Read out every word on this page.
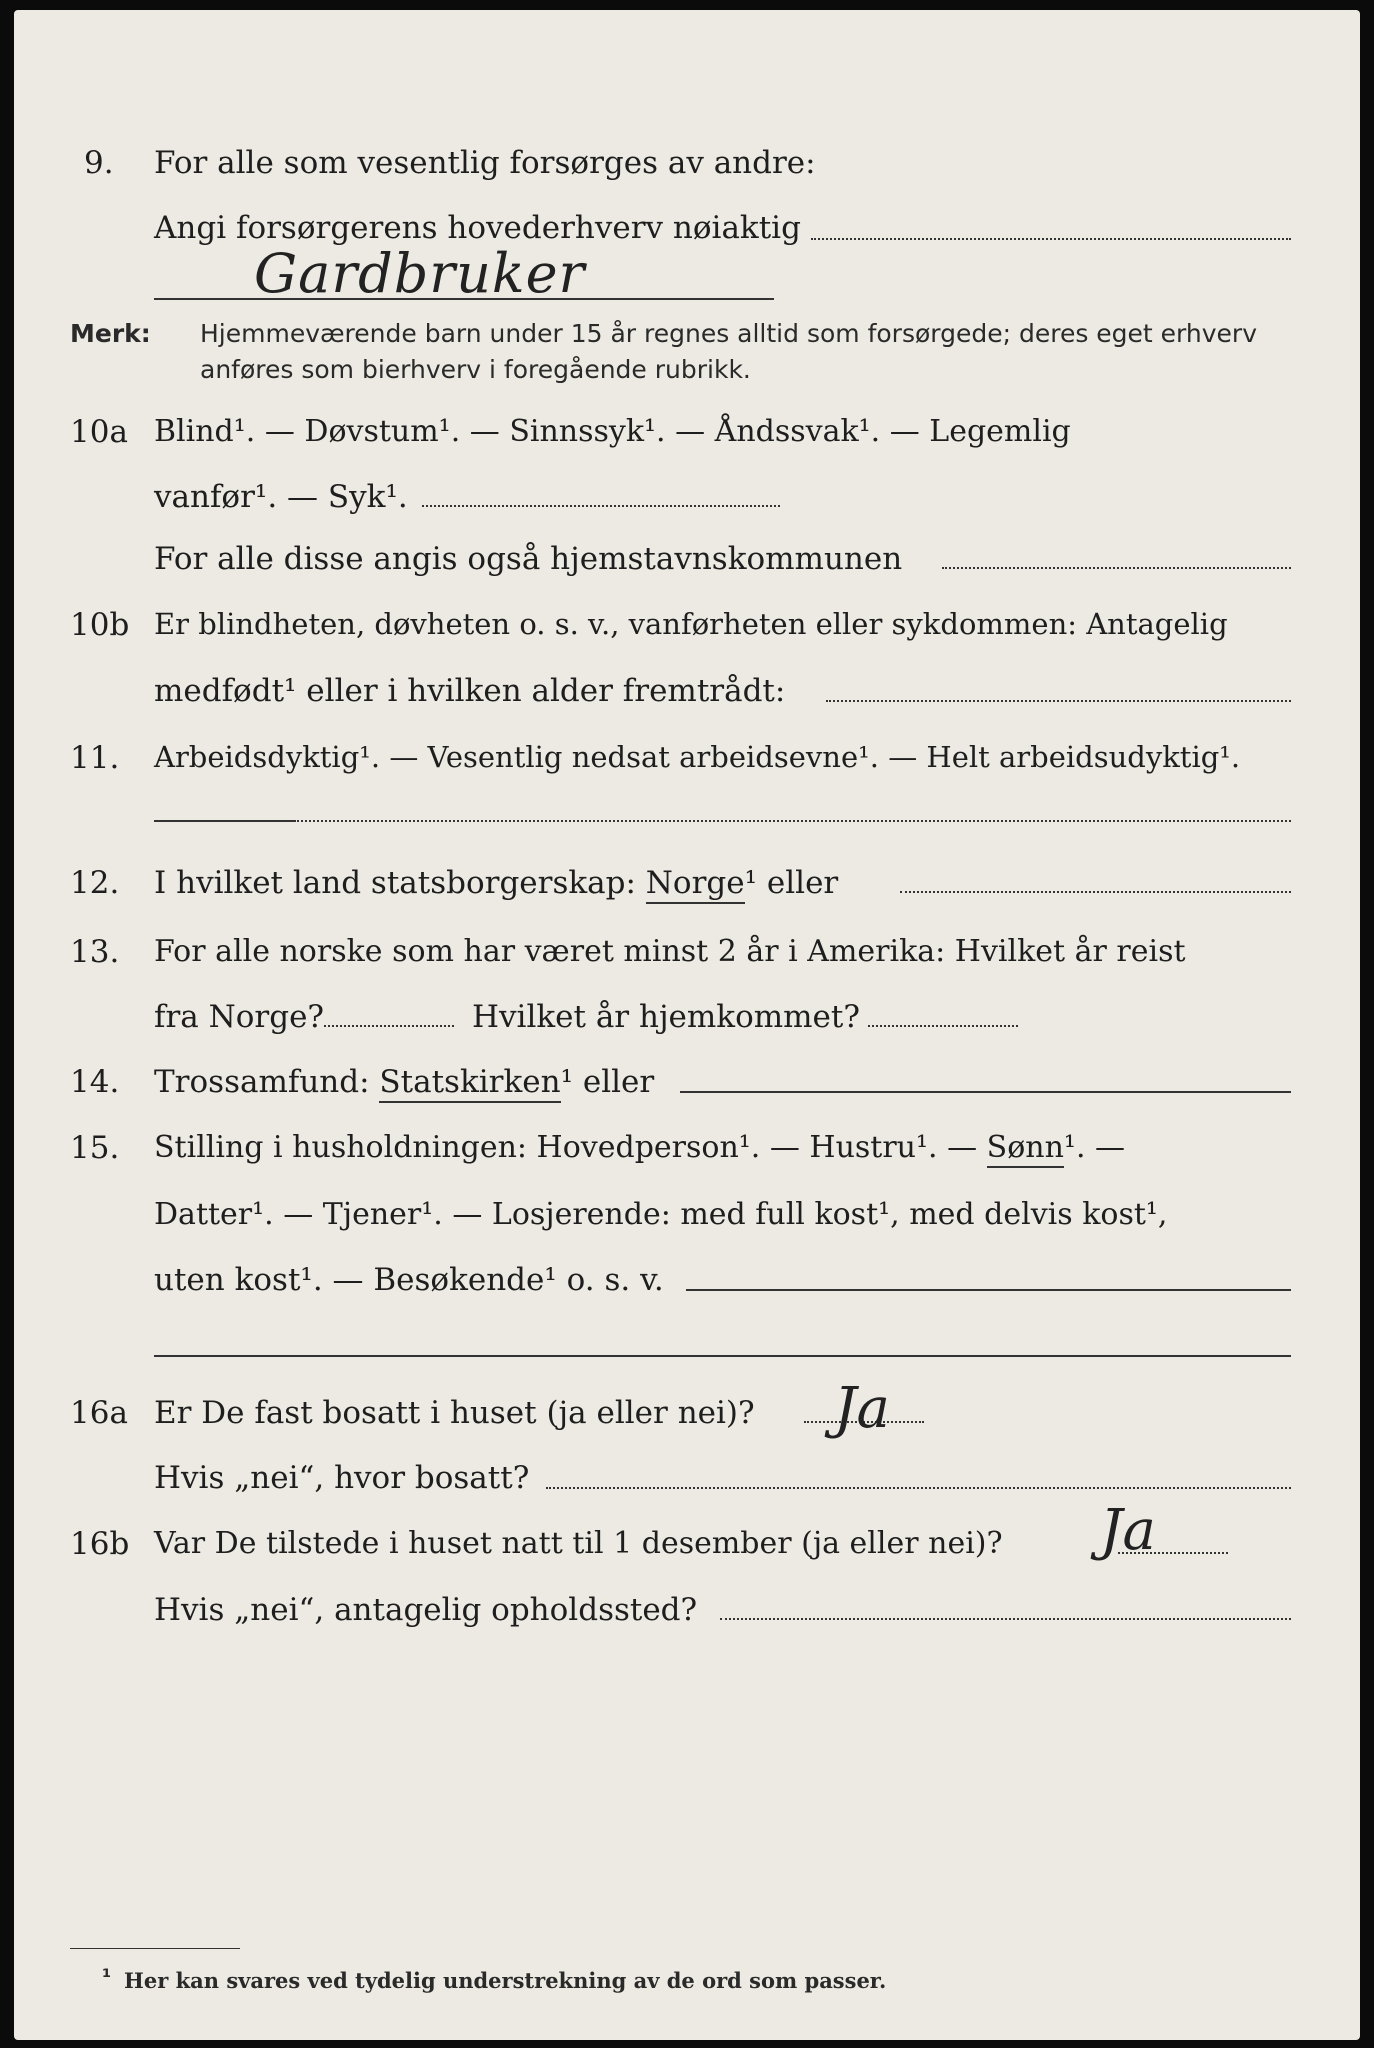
9. For alle som vesentlig forsørges av andre:
Angi forsørgerens hovederhverv nøiaktig
Gardbruker
Merk: Hjemmeværende barn under 15 år regnes alltid som forsørgede; deres eget erhverv
anføres som bierhverv i foregående rubrikk.
10a Blind¹. — Døvstum¹. — Sinnssyk¹. — Åndssvak¹. — Legemlig
vanfør¹. — Syk¹.
For alle disse angis også hjemstavnskommunen
10b Er blindheten, døvheten o. s. v., vanførheten eller sykdommen: Antagelig
medfødt¹ eller i hvilken alder fremtrådt:
11. Arbeidsdyktig¹. — Vesentlig nedsat arbeidsevne¹. — Helt arbeidsudyktig¹.
12. I hvilket land statsborgerskap: Norge¹ eller
13. For alle norske som har været minst 2 år i Amerika: Hvilket år reist
fra Norge?	Hvilket år hjemkommet?
14. Trossamfund: Statskirken¹ eller
15. Stilling i husholdningen: Hovedperson¹. — Hustru¹. — Sønn¹. —
Datter¹. — Tjener¹. — Losjerende: med full kost¹, med delvis kost¹,
uten kost¹. — Besøkende¹ o. s. v.
16a Er De fast bosatt i huset (ja eller nei)? Ja
Hvis „nei“, hvor bosatt?
16b Var De tilstede i huset natt til 1 desember (ja eller nei)? Ja
Hvis „nei“, antagelig opholdssted?
¹ Her kan svares ved tydelig understrekning av de ord som passer.
